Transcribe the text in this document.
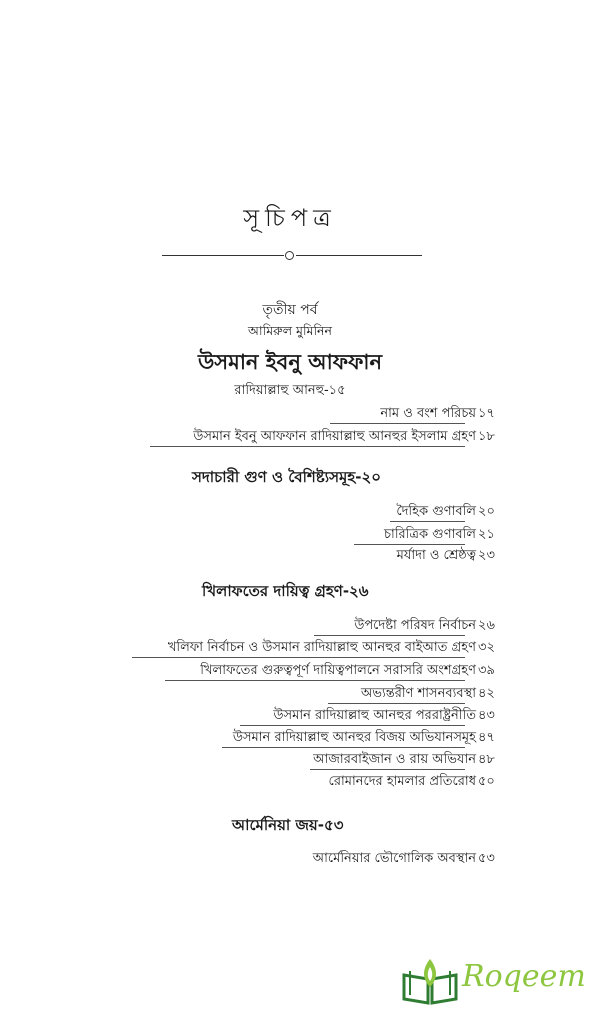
সূচিপত্র
তৃতীয় পর্ব
আমিরুল মুমিনিন
উসমান ইবনু আফফান
রাদিয়াল্লাহু আনহু-১৫
নাম ও বংশ পরিচয় ১৭
উসমান ইবনু আফফান রাদিয়াল্লাহু আনহুর ইসলাম গ্রহণ ১৮
সদাচারী গুণ ও বৈশিষ্ট্যসমূহ-২০
দৈহিক গুণাবলি ২০
চারিত্রিক গুণাবলি ২১
মর্যাদা ও শ্রেষ্ঠত্ব ২৩
খিলাফতের দায়িত্ব গ্রহণ-২৬
উপদেষ্টা পরিষদ নির্বাচন ২৬
খলিফা নির্বাচন ও উসমান রাদিয়াল্লাহু আনহুর বাইআত গ্রহণ ৩২
খিলাফতের গুরুত্বপূর্ণ দায়িত্বপালনে সরাসরি অংশগ্রহণ ৩৯
অভ্যন্তরীণ শাসনব্যবস্থা ৪২
উসমান রাদিয়াল্লাহু আনহুর পররাষ্ট্রনীতি ৪৩
উসমান রাদিয়াল্লাহু আনহুর বিজয় অভিযানসমূহ ৪৭
আজারবাইজান ও রায় অভিযান ৪৮
রোমানদের হামলার প্রতিরোধ ৫০
আর্মেনিয়া জয়-৫৩
আর্মেনিয়ার ভৌগোলিক অবস্থান ৫৩
Roqeem
